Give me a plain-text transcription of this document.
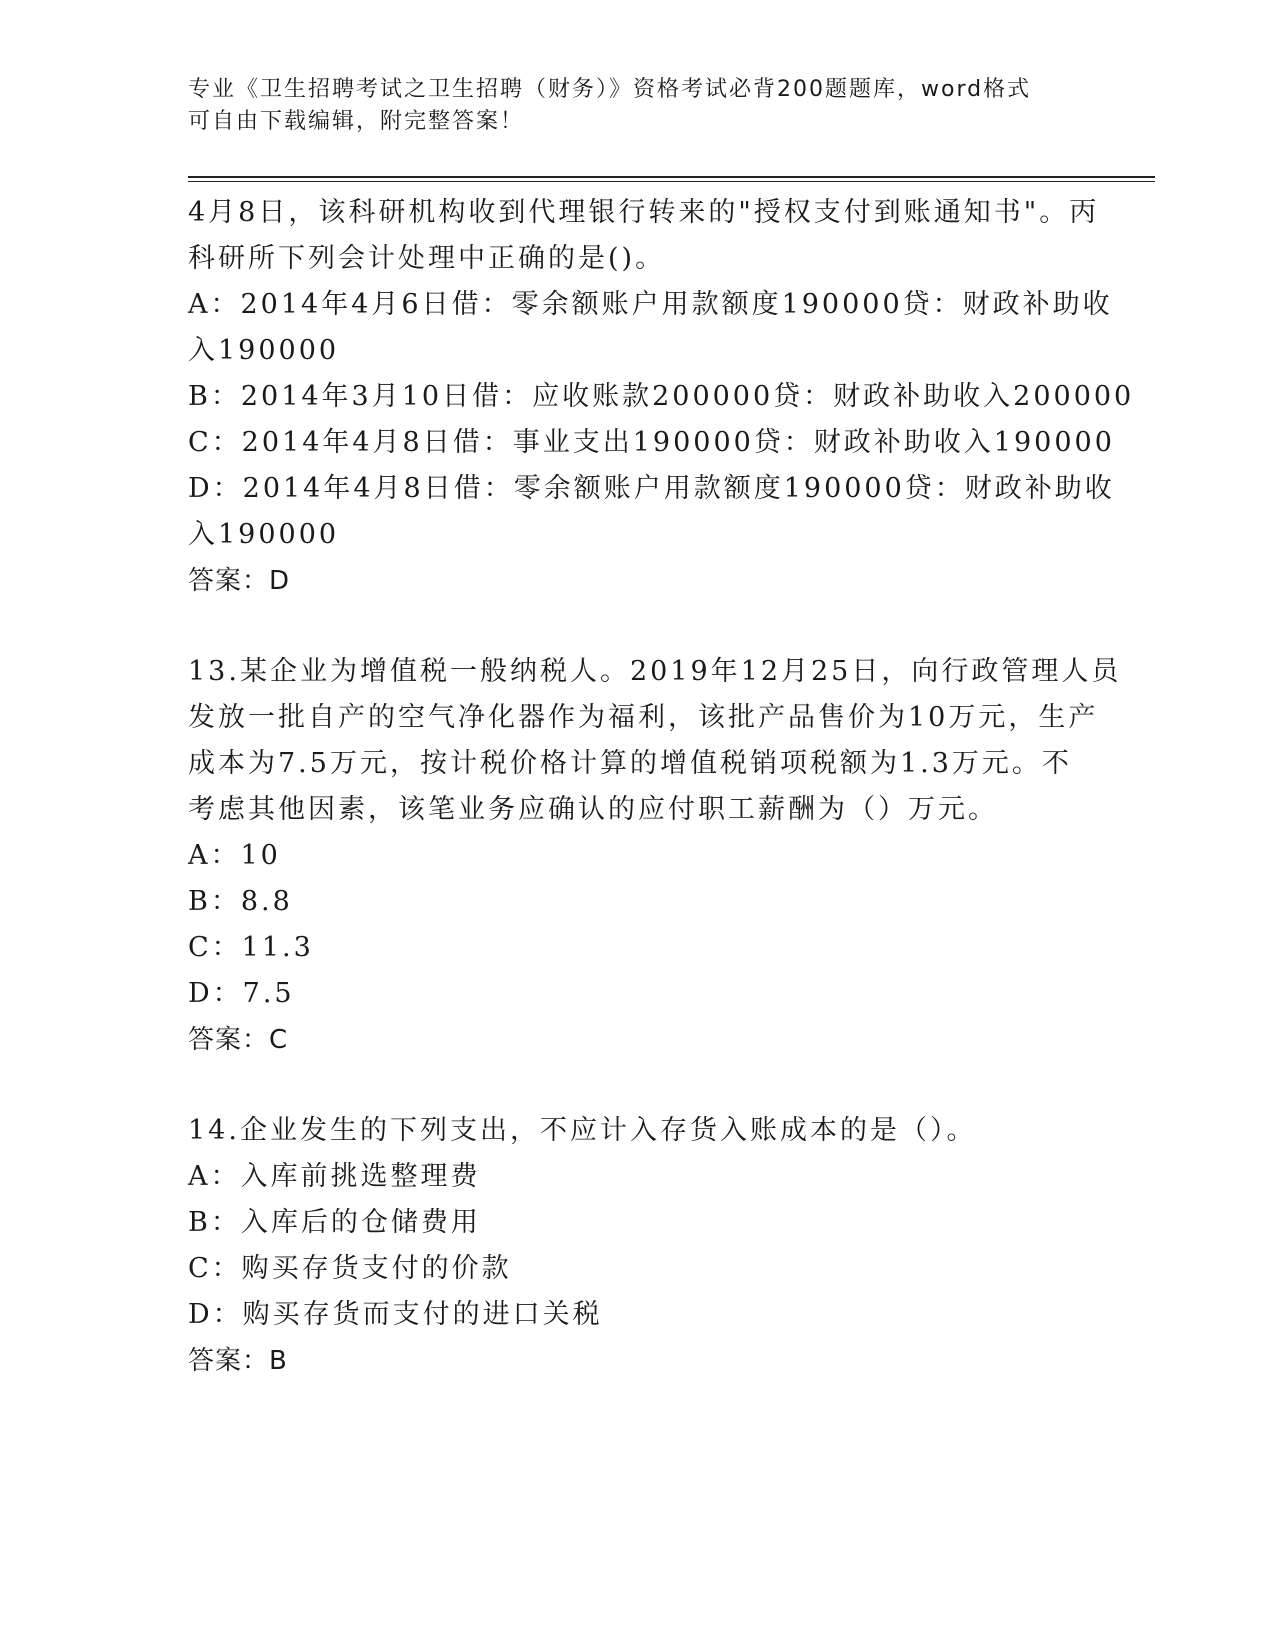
专业《卫生招聘考试之卫生招聘（财务）》资格考试必背200题题库，word格式
可自由下载编辑，附完整答案！
4月8日，该科研机构收到代理银行转来的"授权支付到账通知书"。丙
科研所下列会计处理中正确的是()。
A：2014年4月6日借：零余额账户用款额度190000贷：财政补助收
入190000
B：2014年3月10日借：应收账款200000贷：财政补助收入200000
C：2014年4月8日借：事业支出190000贷：财政补助收入190000
D：2014年4月8日借：零余额账户用款额度190000贷：财政补助收
入190000
答案：D
13.某企业为增值税一般纳税人。2019年12月25日，向行政管理人员
发放一批自产的空气净化器作为福利，该批产品售价为10万元，生产
成本为7.5万元，按计税价格计算的增值税销项税额为1.3万元。不
考虑其他因素，该笔业务应确认的应付职工薪酬为（）万元。
A：10
B：8.8
C：11.3
D：7.5
答案：C
14.企业发生的下列支出，不应计入存货入账成本的是（）。
A：入库前挑选整理费
B：入库后的仓储费用
C：购买存货支付的价款
D：购买存货而支付的进口关税
答案：B
